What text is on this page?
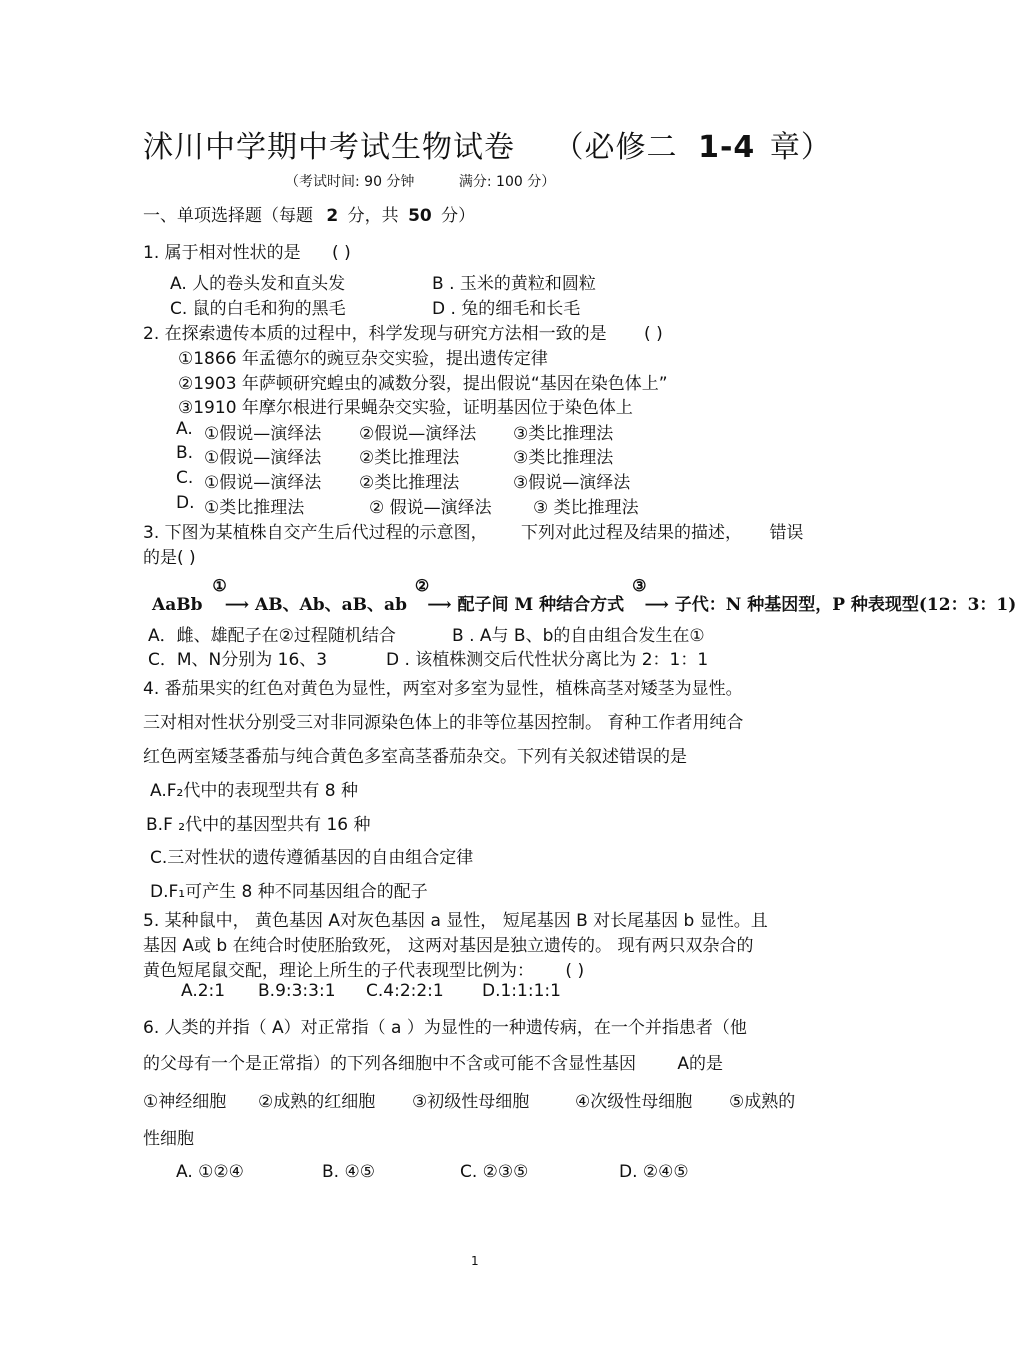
沭川中学期中考试生物试卷 （必修二 1-4 章）
（考试时间: 90 分钟	满分: 100 分）
一、单项选择题（每题 2 分，共 50 分）
1. 属于相对性状的是 ( )
A. 人的卷头发和直头发	B . 玉米的黄粒和圆粒
C. 鼠的白毛和狗的黑毛	D . 兔的细毛和长毛
2. 在探索遗传本质的过程中，科学发现与研究方法相一致的是 ( )
①1866 年孟德尔的豌豆杂交实验，提出遗传定律
②1903 年萨顿研究蝗虫的减数分裂，提出假说“基因在染色体上”
③1910 年摩尔根进行果蝇杂交实验，证明基因位于染色体上
A. ①假说—演绎法 ②假说—演绎法 ③类比推理法
B. ①假说—演绎法 ②类比推理法	③类比推理法
C. ①假说—演绎法 ②类比推理法	③假说—演绎法
D. ①类比推理法	② 假说—演绎法 ③ 类比推理法
3. 下图为某植株自交产生后代过程的示意图， 下列对此过程及结果的描述， 错误
的是( )
AaBb ①⟶ AB、Ab、aB、ab ②⟶ 配子间 M 种结合方式 ③⟶ 子代：N 种基因型，P 种表现型(12：3：1)
A．雌、雄配子在②过程随机结合	B . A与 B、b的自由组合发生在①
C．M、N分别为 16、3	D . 该植株测交后代性状分离比为 2：1：1
4. 番茄果实的红色对黄色为显性，两室对多室为显性，植株高茎对矮茎为显性。
三对相对性状分别受三对非同源染色体上的非等位基因控制。 育种工作者用纯合
红色两室矮茎番茄与纯合黄色多室高茎番茄杂交。下列有关叙述错误的是
A.F₂代中的表现型共有 8 种
B.F ₂代中的基因型共有 16 种
C.三对性状的遗传遵循基因的自由组合定律
D.F₁可产生 8 种不同基因组合的配子
5. 某种鼠中， 黄色基因 A对灰色基因 a 显性， 短尾基因 B 对长尾基因 b 显性。且
基因 A或 b 在纯合时使胚胎致死， 这两对基因是独立遗传的。 现有两只双杂合的
黄色短尾鼠交配，理论上所生的子代表现型比例为： ( )
A.2:1 B.9:3:3:1 C.4:2:2:1 D.1:1:1:1
6. 人类的并指（ A）对正常指（ a ）为显性的一种遗传病，在一个并指患者（他
的父母有一个是正常指）的下列各细胞中不含或可能不含显性基因 A的是
①神经细胞 ②成熟的红细胞 ③初级性母细胞	④次级性母细胞 ⑤成熟的
性细胞
A. ①②④	B. ④⑤	C. ②③⑤	D. ②④⑤
1
